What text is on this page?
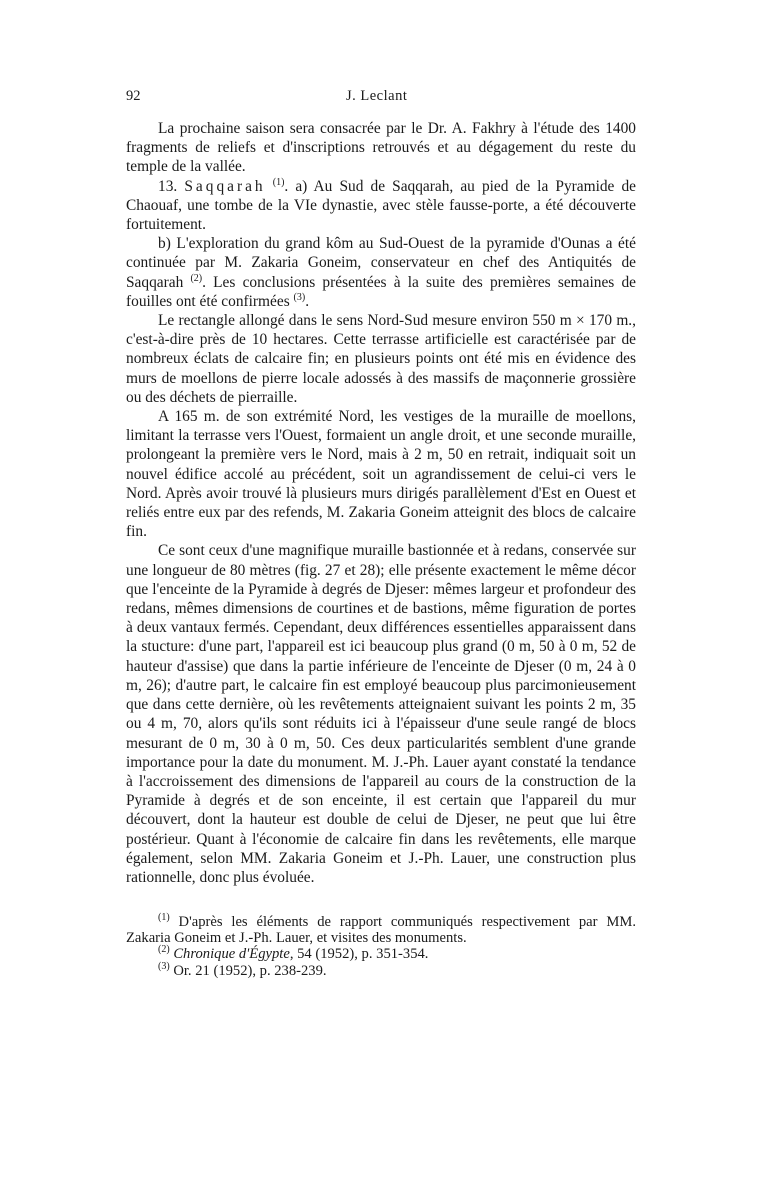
92	J. Leclant

La prochaine saison sera consacrée par le Dr. A. Fakhry à l'étude des 1400 fragments de reliefs et d'inscriptions retrouvés et au dégagement du reste du temple de la vallée.

13. Saqqarah $^{(1)}$. a) Au Sud de Saqqarah, au pied de la Pyramide de Chaouaf, une tombe de la VIe dynastie, avec stèle fausse-porte, a été découverte fortuitement.

b) L'exploration du grand kôm au Sud-Ouest de la pyramide d'Ounas a été continuée par M. Zakaria Goneim, conservateur en chef des Antiquités de Saqqarah $^{(2)}$. Les conclusions présentées à la suite des premières semaines de fouilles ont été confirmées $^{(3)}$.

Le rectangle allongé dans le sens Nord-Sud mesure environ 550 m × 170 m., c'est-à-dire près de 10 hectares. Cette terrasse artificielle est caractérisée par de nombreux éclats de calcaire fin; en plusieurs points ont été mis en évidence des murs de moellons de pierre locale adossés à des massifs de maçonnerie grossière ou des déchets de pierraille.

A 165 m. de son extrémité Nord, les vestiges de la muraille de moellons, limitant la terrasse vers l'Ouest, formaient un angle droit, et une seconde muraille, prolongeant la première vers le Nord, mais à 2 m, 50 en retrait, indiquait soit un nouvel édifice accolé au précédent, soit un agrandissement de celui-ci vers le Nord. Après avoir trouvé là plusieurs murs dirigés parallèlement d'Est en Ouest et reliés entre eux par des refends, M. Zakaria Goneim atteignit des blocs de calcaire fin.

Ce sont ceux d'une magnifique muraille bastionnée et à redans, conservée sur une longueur de 80 mètres (fig. 27 et 28); elle présente exactement le même décor que l'enceinte de la Pyramide à degrés de Djeser: mêmes largeur et profondeur des redans, mêmes dimensions de courtines et de bastions, même figuration de portes à deux vantaux fermés. Cependant, deux différences essentielles apparaissent dans la stucture: d'une part, l'appareil est ici beaucoup plus grand (0 m, 50 à 0 m, 52 de hauteur d'assise) que dans la partie inférieure de l'enceinte de Djeser (0 m, 24 à 0 m, 26); d'autre part, le calcaire fin est employé beaucoup plus parcimonieusement que dans cette dernière, où les revêtements atteignaient suivant les points 2 m, 35 ou 4 m, 70, alors qu'ils sont réduits ici à l'épaisseur d'une seule rangé de blocs mesurant de 0 m, 30 à 0 m, 50. Ces deux particularités semblent d'une grande importance pour la date du monument. M. J.-Ph. Lauer ayant constaté la tendance à l'accroissement des dimensions de l'appareil au cours de la construction de la Pyramide à degrés et de son enceinte, il est certain que l'appareil du mur découvert, dont la hauteur est double de celui de Djeser, ne peut que lui être postérieur. Quant à l'économie de calcaire fin dans les revêtements, elle marque également, selon MM. Zakaria Goneim et J.-Ph. Lauer, une construction plus rationnelle, donc plus évoluée.

$^{(1)}$ D'après les éléments de rapport communiqués respectivement par MM. Zakaria Goneim et J.-Ph. Lauer, et visites des monuments.

$^{(2)}$ Chronique d'Égypte, 54 (1952), p. 351-354.

$^{(3)}$ Or. 21 (1952), p. 238-239.
